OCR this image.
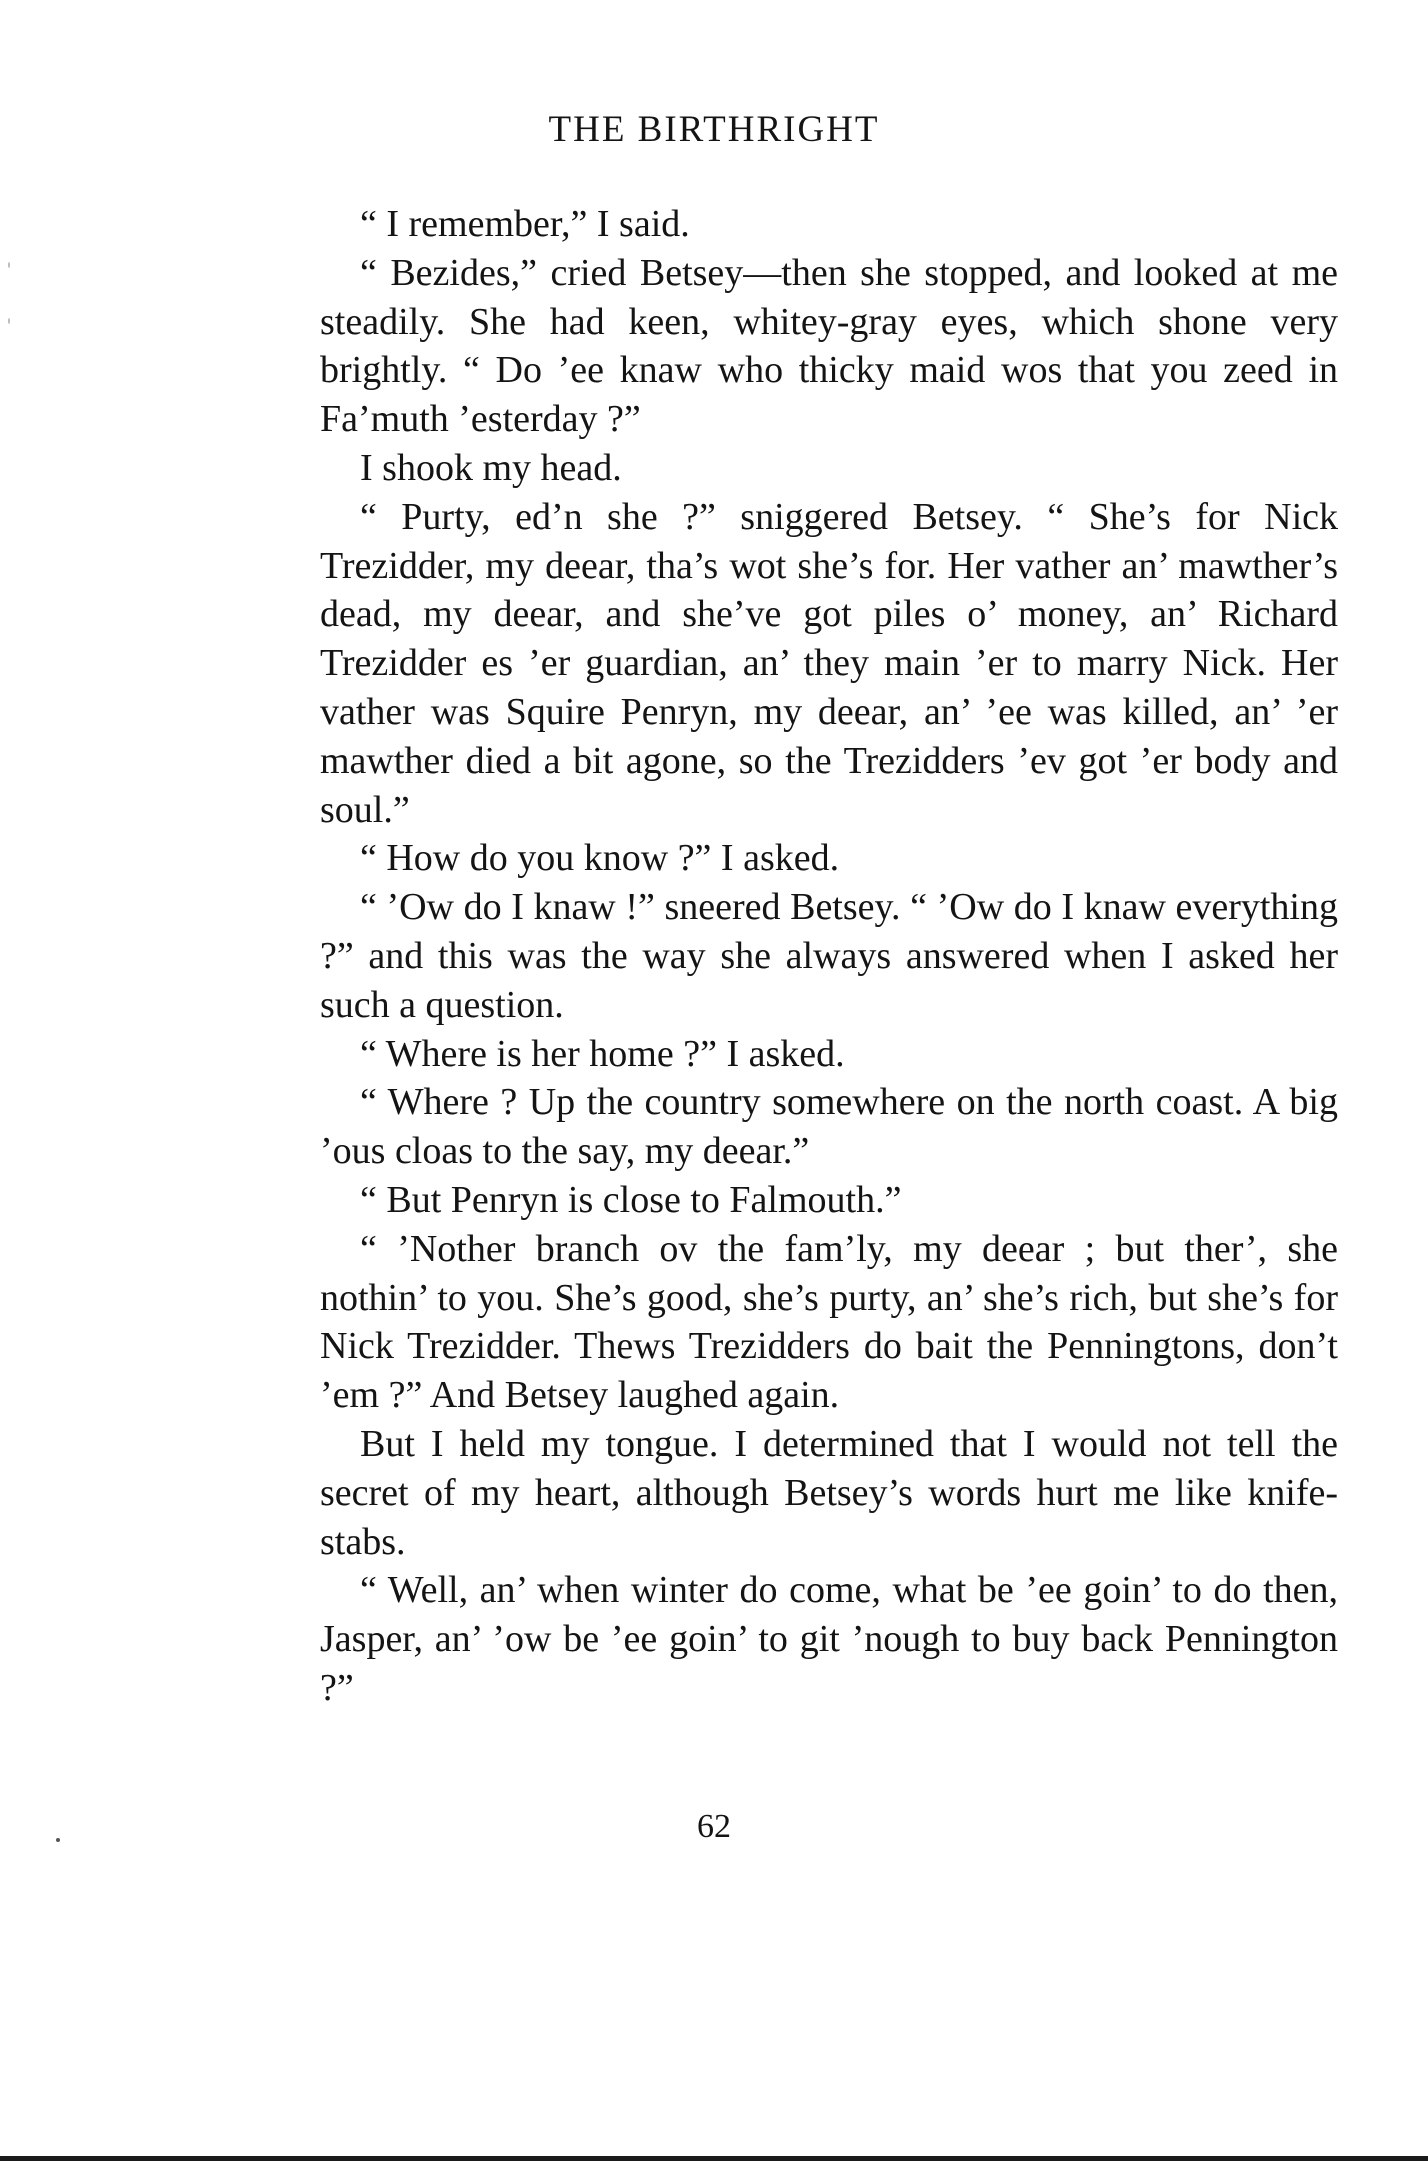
THE BIRTHRIGHT

“ I remember,” I said.

“ Bezides,” cried Betsey—then she stopped, and looked at me steadily. She had keen, whitey-gray eyes, which shone very brightly. “ Do ’ee knaw who thicky maid wos that you zeed in Fa’muth ’esterday ?”

I shook my head.

“ Purty, ed’n she ?” sniggered Betsey. “ She’s for Nick Trezidder, my deear, tha’s wot she’s for. Her vather an’ mawther’s dead, my deear, and she’ve got piles o’ money, an’ Richard Trezidder es ’er guardian, an’ they main ’er to marry Nick. Her vather was Squire Penryn, my deear, an’ ’ee was killed, an’ ’er mawther died a bit agone, so the Trezidders ’ev got ’er body and soul.”

“ How do you know ?” I asked.

“ ’Ow do I knaw !” sneered Betsey. “ ’Ow do I knaw everything ?” and this was the way she always answered when I asked her such a question.

“ Where is her home ?” I asked.

“ Where ? Up the country somewhere on the north coast. A big ’ous cloas to the say, my deear.”

“ But Penryn is close to Falmouth.”

“ ’Nother branch ov the fam’ly, my deear ; but ther’, she nothin’ to you. She’s good, she’s purty, an’ she’s rich, but she’s for Nick Trezidder. Thews Trezidders do bait the Penningtons, don’t ’em ?” And Betsey laughed again.

But I held my tongue. I determined that I would not tell the secret of my heart, although Betsey’s words hurt me like knife-stabs.

“ Well, an’ when winter do come, what be ’ee goin’ to do then, Jasper, an’ ’ow be ’ee goin’ to git ’nough to buy back Pennington ?”

62
